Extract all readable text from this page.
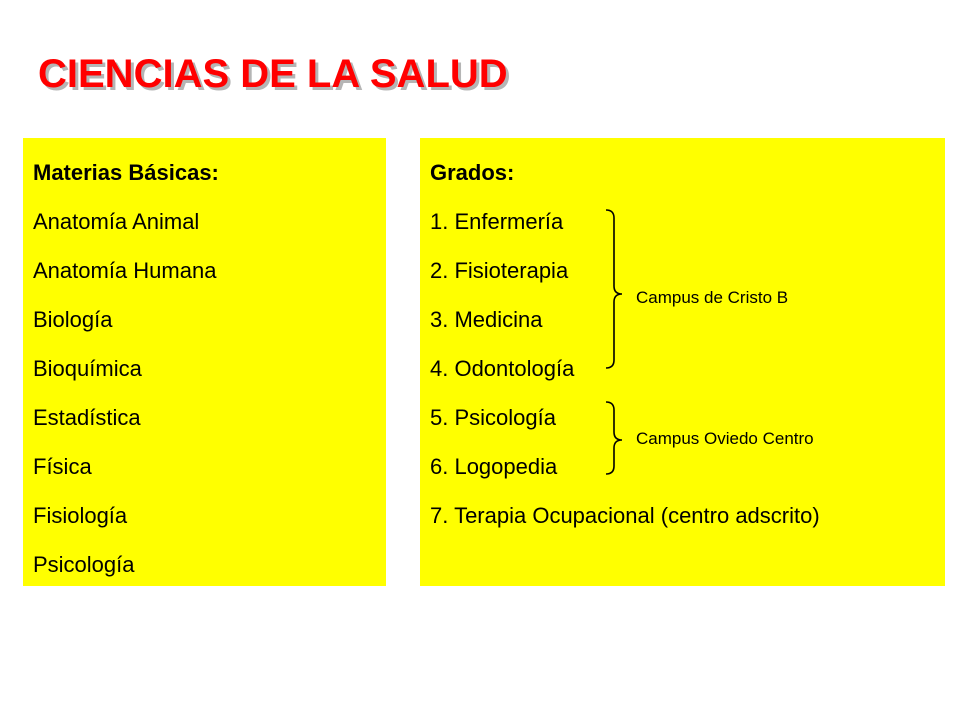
CIENCIAS DE LA SALUD
Materias Básicas:
Anatomía Animal
Anatomía Humana
Biología
Bioquímica
Estadística
Física
Fisiología
Psicología
Grados:
1. Enfermería
2. Fisioterapia
3. Medicina
4. Odontología
5. Psicología
6. Logopedia
7. Terapia Ocupacional (centro adscrito)
Campus de Cristo B
Campus Oviedo Centro
